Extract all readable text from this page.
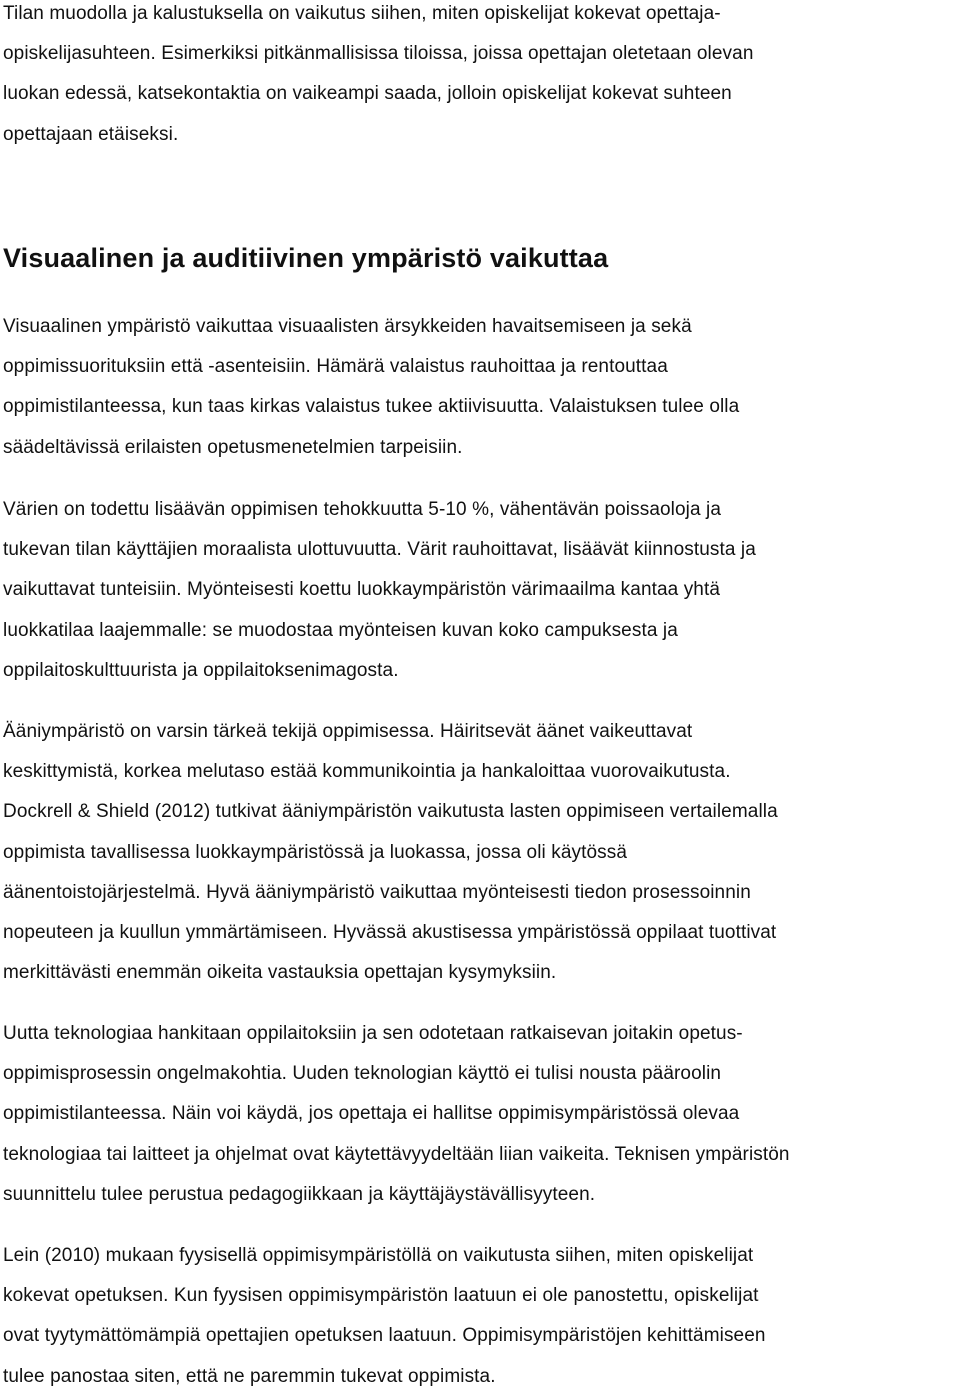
Tilan muodolla ja kalustuksella on vaikutus siihen, miten opiskelijat kokevat opettaja-
opiskelijasuhteen. Esimerkiksi pitkänmallisissa tiloissa, joissa opettajan oletetaan olevan
luokan edessä, katsekontaktia on vaikeampi saada, jolloin opiskelijat kokevat suhteen
opettajaan etäiseksi.

Visuaalinen ja auditiivinen ympäristö vaikuttaa

Visuaalinen ympäristö vaikuttaa visuaalisten ärsykkeiden havaitsemiseen ja sekä
oppimissuorituksiin että -asenteisiin. Hämärä valaistus rauhoittaa ja rentouttaa
oppimistilanteessa, kun taas kirkas valaistus tukee aktiivisuutta. Valaistuksen tulee olla
säädeltävissä erilaisten opetusmenetelmien tarpeisiin.

Värien on todettu lisäävän oppimisen tehokkuutta 5-10 %, vähentävän poissaoloja ja
tukevan tilan käyttäjien moraalista ulottuvuutta. Värit rauhoittavat, lisäävät kiinnostusta ja
vaikuttavat tunteisiin. Myönteisesti koettu luokkaympäristön värimaailma kantaa yhtä
luokkatilaa laajemmalle: se muodostaa myönteisen kuvan koko campuksesta ja
oppilaitoskulttuurista ja oppilaitoksenimagosta.

Ääniympäristö on varsin tärkeä tekijä oppimisessa. Häiritsevät äänet vaikeuttavat
keskittymistä, korkea melutaso estää kommunikointia ja hankaloittaa vuorovaikutusta.
Dockrell & Shield (2012) tutkivat ääniympäristön vaikutusta lasten oppimiseen vertailemalla
oppimista tavallisessa luokkaympäristössä ja luokassa, jossa oli käytössä
äänentoistojärjestelmä. Hyvä ääniympäristö vaikuttaa myönteisesti tiedon prosessoinnin
nopeuteen ja kuullun ymmärtämiseen. Hyvässä akustisessa ympäristössä oppilaat tuottivat
merkittävästi enemmän oikeita vastauksia opettajan kysymyksiin.

Uutta teknologiaa hankitaan oppilaitoksiin ja sen odotetaan ratkaisevan joitakin opetus-
oppimisprosessin ongelmakohtia. Uuden teknologian käyttö ei tulisi nousta pääroolin
oppimistilanteessa. Näin voi käydä, jos opettaja ei hallitse oppimisympäristössä olevaa
teknologiaa tai laitteet ja ohjelmat ovat käytettävyydeltään liian vaikeita. Teknisen ympäristön
suunnittelu tulee perustua pedagogiikkaan ja käyttäjäystävällisyyteen.

Lein (2010) mukaan fyysisellä oppimisympäristöllä on vaikutusta siihen, miten opiskelijat
kokevat opetuksen. Kun fyysisen oppimisympäristön laatuun ei ole panostettu, opiskelijat
ovat tyytymättömämpiä opettajien opetuksen laatuun. Oppimisympäristöjen kehittämiseen
tulee panostaa siten, että ne paremmin tukevat oppimista.
